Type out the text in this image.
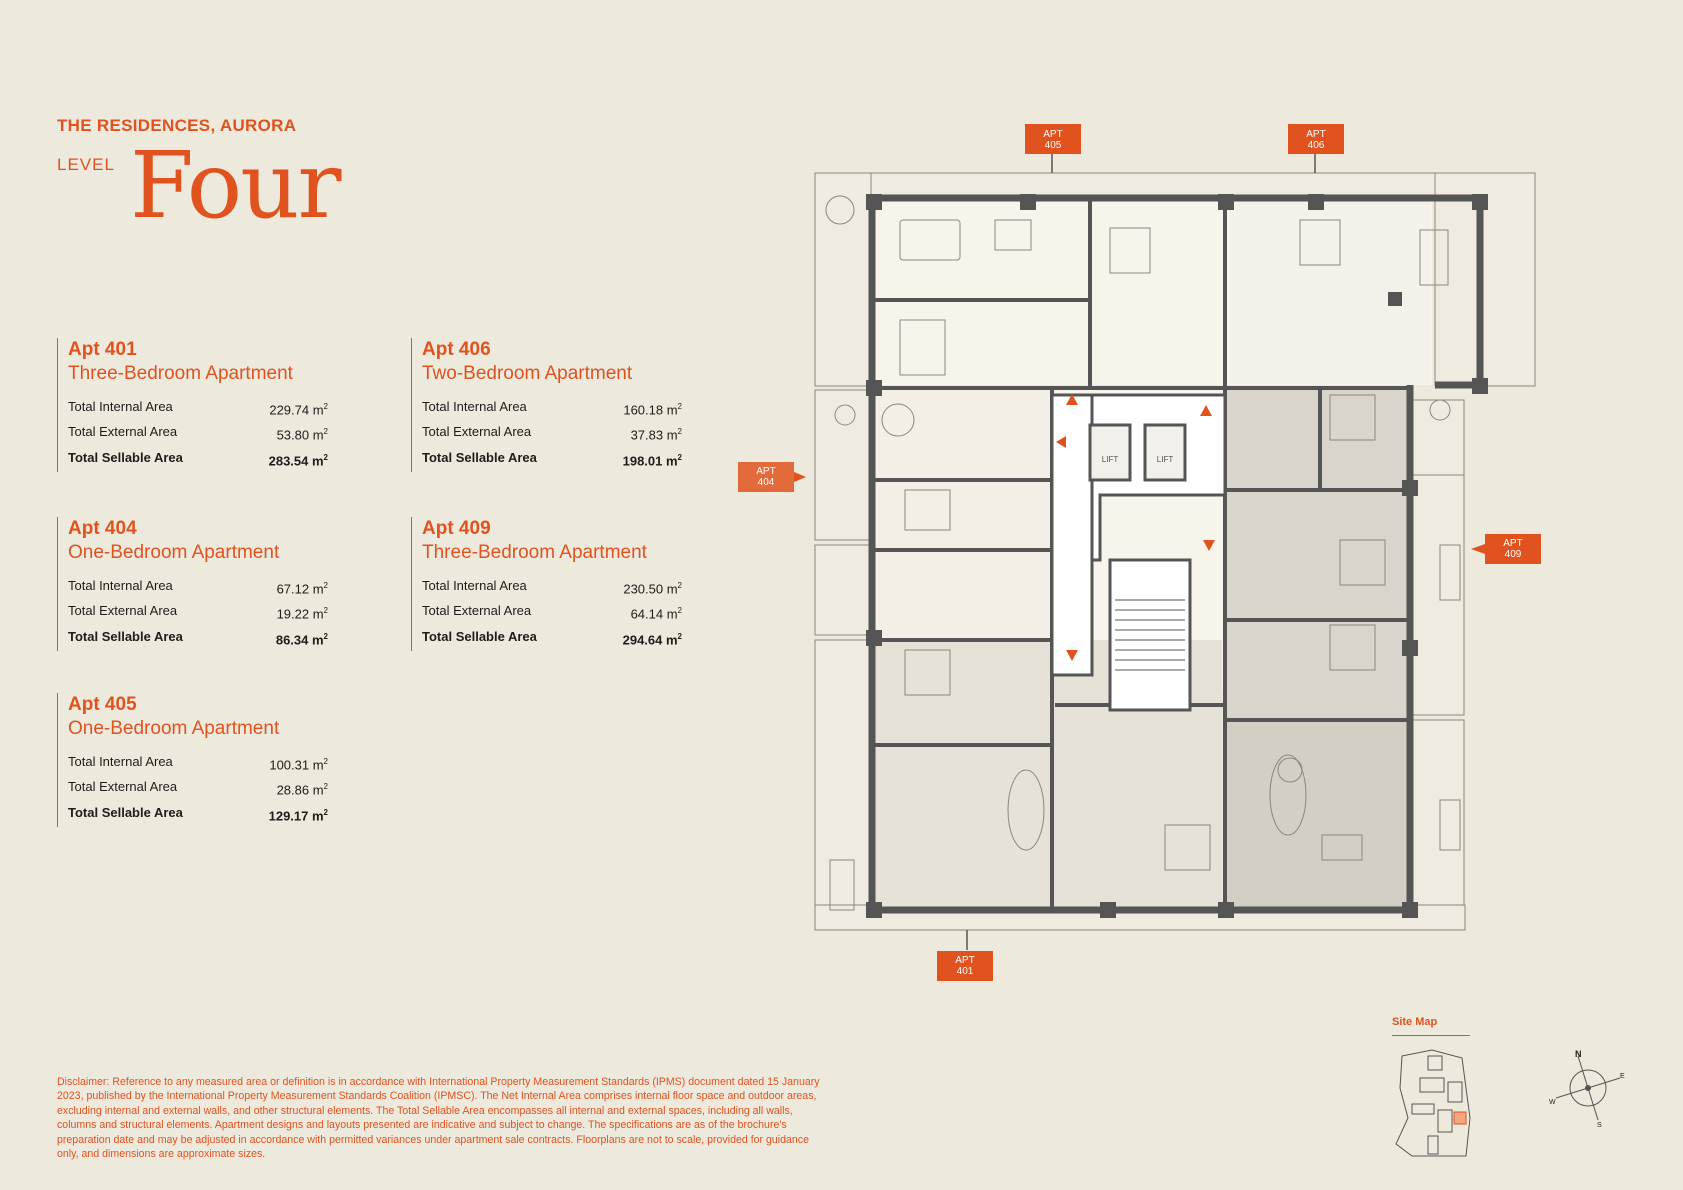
THE RESIDENCES, AURORA
LEVEL Four

Apt 401

Three-Bedroom Apartment

Total Internal Area	229.74 $m^2$
Total External Area	53.80 $m^2$
Total Sellable Area	283.54 $m^2$

Apt 406

Two-Bedroom Apartment

Total Internal Area	160.18 $m^2$
Total External Area	37.83 $m^2$
Total Sellable Area	198.01 $m^2$

Apt 404

One-Bedroom Apartment

Total Internal Area	67.12 $m^2$
Total External Area	19.22 $m^2$
Total Sellable Area	86.34 $m^2$

Apt 409

Three-Bedroom Apartment

Total Internal Area	230.50 $m^2$
Total External Area	64.14 $m^2$
Total Sellable Area	294.64 $m^2$

Apt 405

One-Bedroom Apartment

Total Internal Area	100.31 $m^2$
Total External Area	28.86 $m^2$
Total Sellable Area	129.17 $m^2$
LIFT	LIFT
APT
405
APT
406
APT
404
APT
409
APT
401
Site Map
N
E
S
W
Disclaimer: Reference to any measured area or definition is in accordance with International Property Measurement Standards (IPMS) document dated 15 January 2023, published by the International Property Measurement Standards Coalition (IPMSC). The Net Internal Area comprises internal floor space and outdoor areas, excluding internal and external walls, and other structural elements. The Total Sellable Area encompasses all internal and external spaces, including all walls, columns and structural elements. Apartment designs and layouts presented are indicative and subject to change. The specifications are as of the brochure's preparation date and may be adjusted in accordance with permitted variances under apartment sale contracts. Floorplans are not to scale, provided for guidance only, and dimensions are approximate sizes.
